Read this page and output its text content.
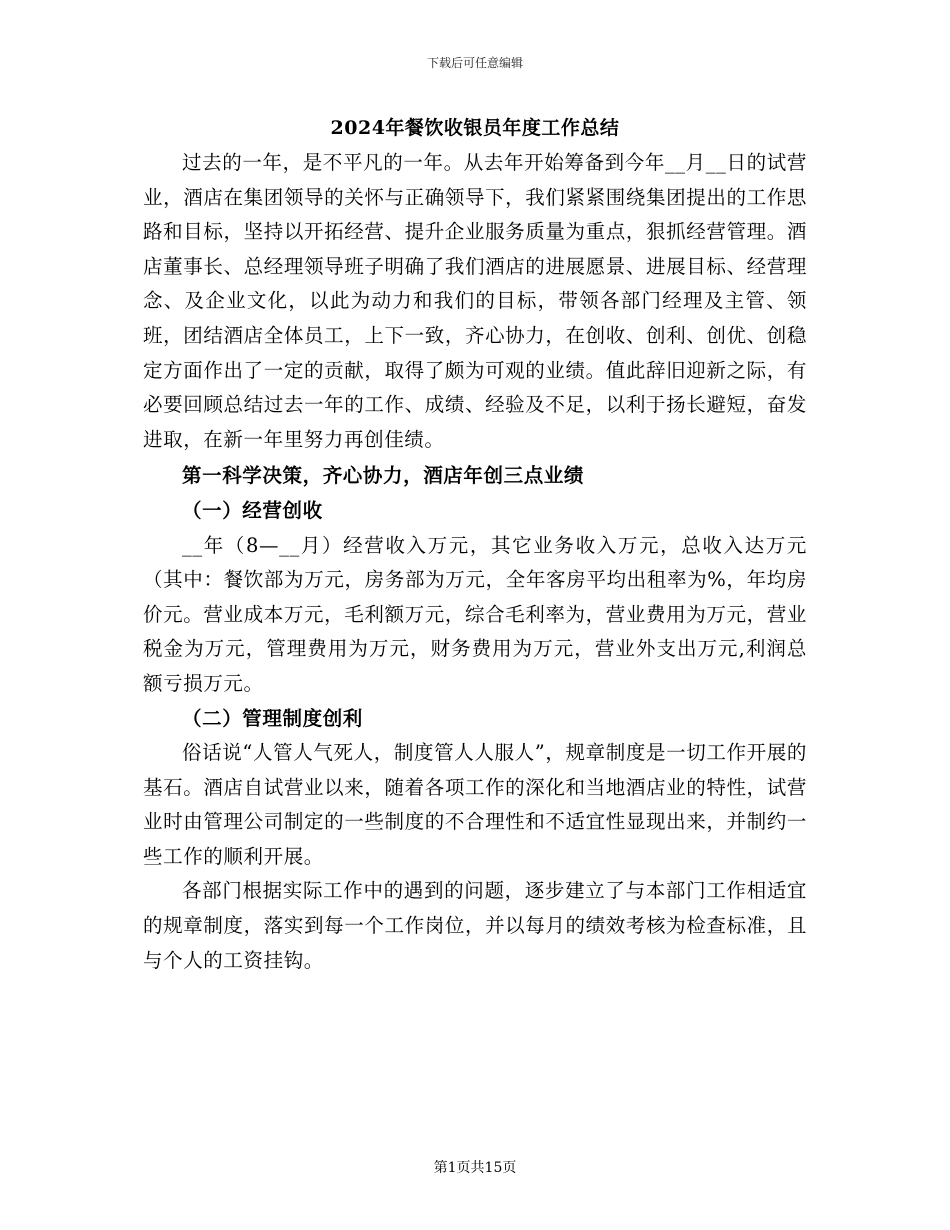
下载后可任意编辑
2024年餐饮收银员年度工作总结

过去的一年，是不平凡的一年。从去年开始筹备到今年__月__日的试营业，酒店在集团领导的关怀与正确领导下，我们紧紧围绕集团提出的工作思路和目标，坚持以开拓经营、提升企业服务质量为重点，狠抓经营管理。酒店董事长、总经理领导班子明确了我们酒店的进展愿景、进展目标、经营理念、及企业文化，以此为动力和我们的目标，带领各部门经理及主管、领班，团结酒店全体员工，上下一致，齐心协力，在创收、创利、创优、创稳定方面作出了一定的贡献，取得了颇为可观的业绩。值此辞旧迎新之际，有必要回顾总结过去一年的工作、成绩、经验及不足，以利于扬长避短，奋发进取，在新一年里努力再创佳绩。

第一科学决策，齐心协力，酒店年创三点业绩

（一）经营创收

__年（8—__月）经营收入万元，其它业务收入万元，总收入达万元（其中：餐饮部为万元，房务部为万元，全年客房平均出租率为%，年均房价元。营业成本万元，毛利额万元，综合毛利率为，营业费用为万元，营业税金为万元，管理费用为万元，财务费用为万元，营业外支出万元,利润总额亏损万元。

（二）管理制度创利

俗话说“人管人气死人，制度管人人服人”，规章制度是一切工作开展的基石。酒店自试营业以来，随着各项工作的深化和当地酒店业的特性，试营业时由管理公司制定的一些制度的不合理性和不适宜性显现出来，并制约一些工作的顺利开展。

各部门根据实际工作中的遇到的问题，逐步建立了与本部门工作相适宜的规章制度，落实到每一个工作岗位，并以每月的绩效考核为检查标准，且与个人的工资挂钩。

第1页共15页
